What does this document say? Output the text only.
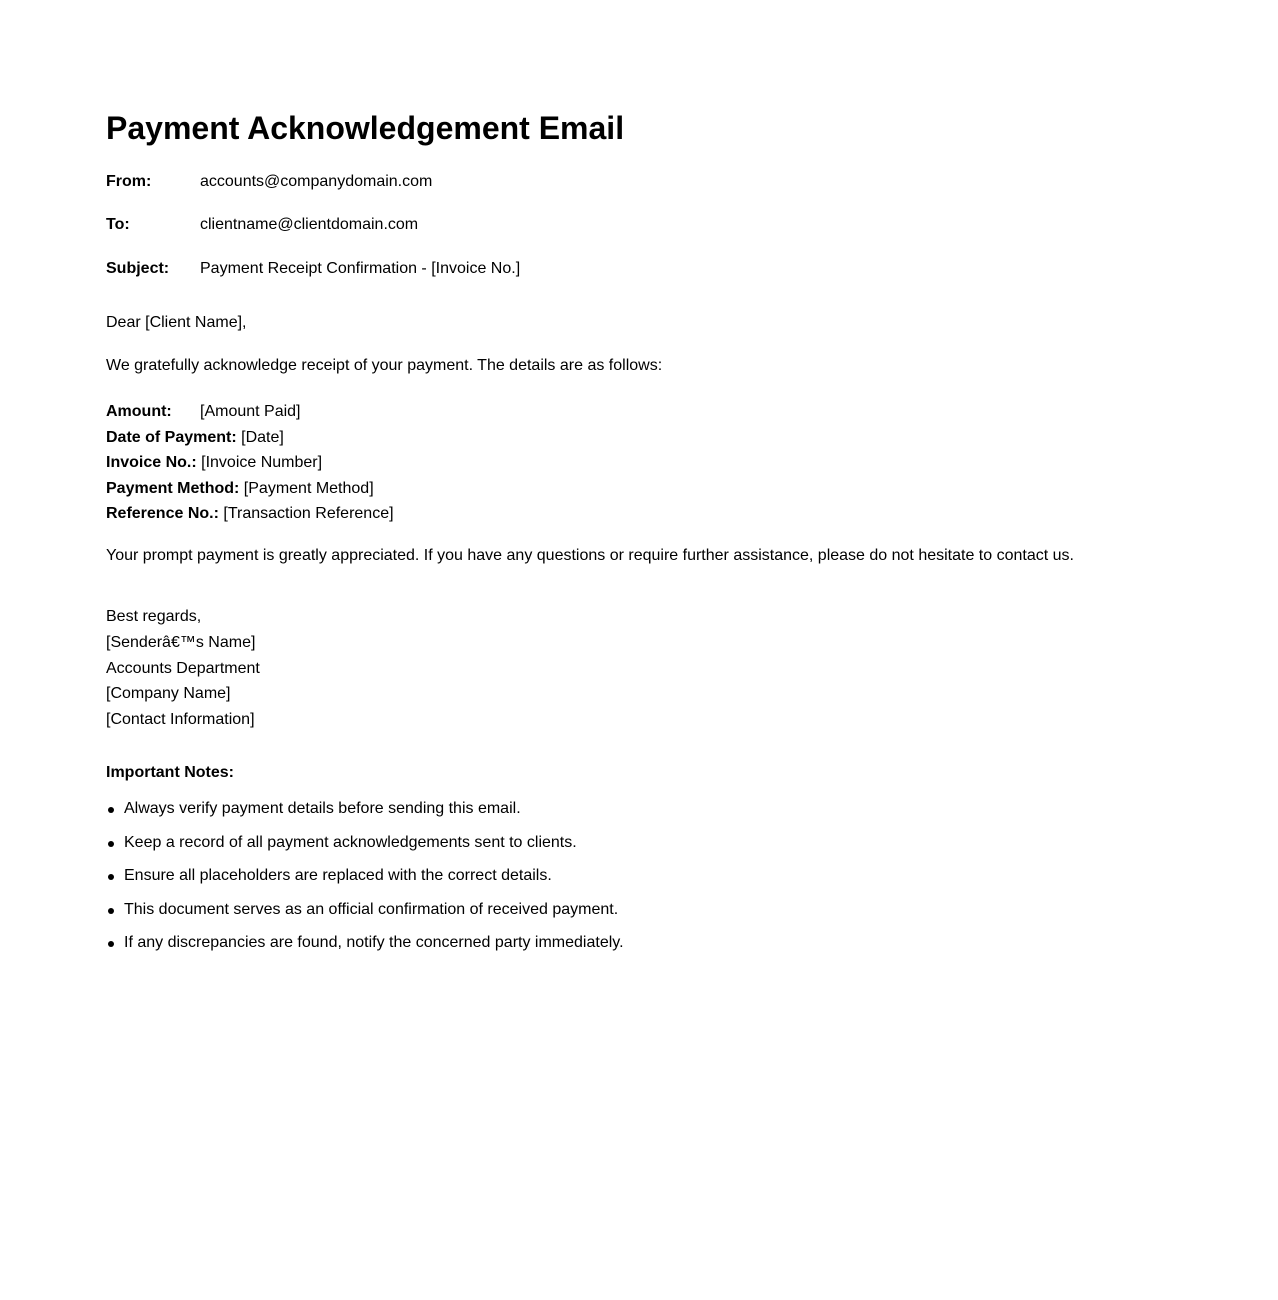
Payment Acknowledgement Email
From:	accounts@companydomain.com
To:	clientname@clientdomain.com
Subject: Payment Receipt Confirmation - [Invoice No.]
Dear [Client Name],
We gratefully acknowledge receipt of your payment. The details are as follows:
Amount: [Amount Paid]
Date of Payment: [Date]
Invoice No.: [Invoice Number]
Payment Method: [Payment Method]
Reference No.: [Transaction Reference]
Your prompt payment is greatly appreciated. If you have any questions or require further assistance, please do not hesitate to contact us.
Best regards,
[Senderâ€™s Name]
Accounts Department
[Company Name]
[Contact Information]
Important Notes:
Always verify payment details before sending this email.
Keep a record of all payment acknowledgements sent to clients.
Ensure all placeholders are replaced with the correct details.
This document serves as an official confirmation of received payment.
If any discrepancies are found, notify the concerned party immediately.
